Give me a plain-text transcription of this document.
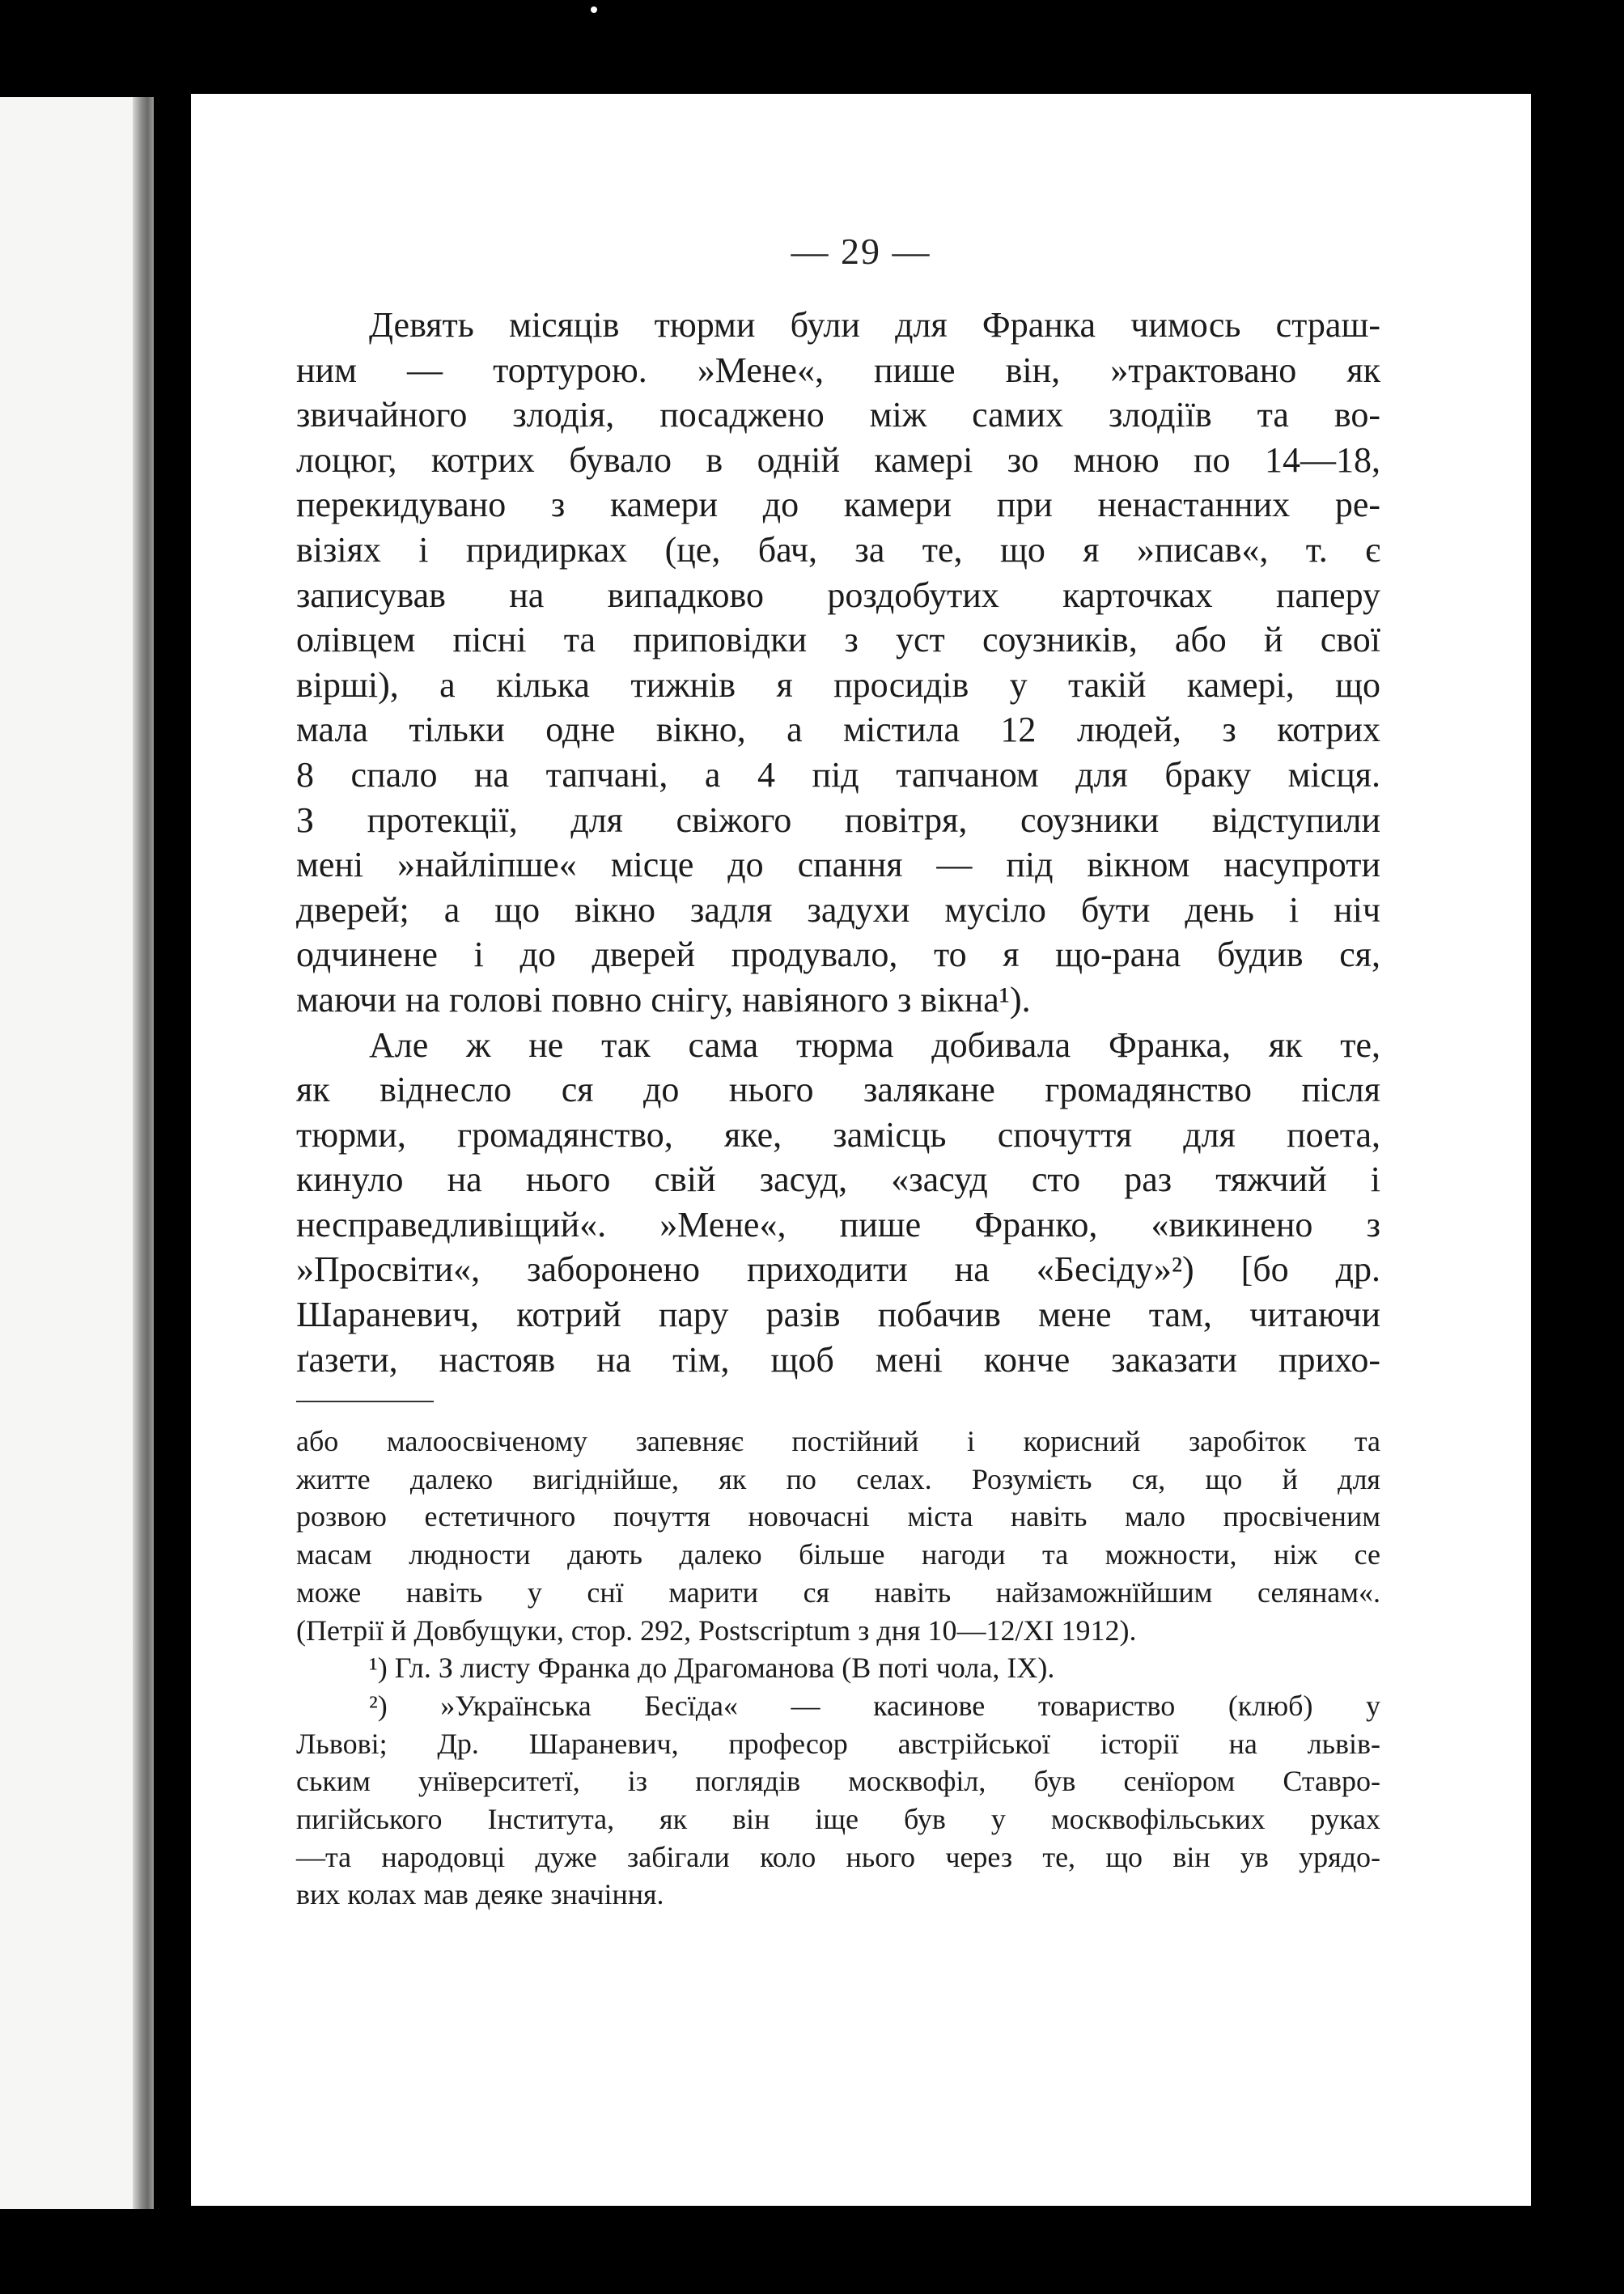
— 29 —
Девять місяців тюрми були для Франка чимось страш-
ним — тортурою. »Мене«, пише він, »трактовано як
звичайного злодія, посаджено між самих злодіїв та во-
лоцюг, котрих бувало в одній камері зо мною по 14—18,
перекидувано з камери до камери при ненастанних ре-
візіях і придирках (це, бач, за те, що я »писав«, т. є
записував на випадково роздобутих карточках паперу
олівцем пісні та приповідки з уст соузників, або й свої
вірші), а кілька тижнів я просидів у такій камері, що
мала тільки одне вікно, а містила 12 людей, з котрих
8 спало на тапчані, а 4 під тапчаном для браку місця.
З протекції, для свіжого повітря, соузники відступили
мені »найліпше« місце до спання — під вікном насупроти
дверей; а що вікно задля задухи мусіло бути день і ніч
одчинене і до дверей продувало, то я що-рана будив ся,
маючи на голові повно снігу, навіяного з вікна¹).
Але ж не так сама тюрма добивала Франка, як те,
як віднесло ся до нього залякане громадянство після
тюрми, громадянство, яке, замісць спочуття для поета,
кинуло на нього свій засуд, «засуд сто раз тяжчий і
несправедливіщий«. »Мене«, пише Франко, «викинено з
»Просвіти«, заборонено приходити на «Бесіду»²) [бо др.
Шараневич, котрий пару разів побачив мене там, читаючи
ґазети, настояв на тім, щоб мені конче заказати прихо-
або малоосвіченому запевняє постійний і корисний заробіток та
житте далеко вигіднійше, як по селах. Розумієть ся, що й для
розвою естетичного почуття новочасні міста навіть мало просвіченим
масам людности дають далеко більше нагоди та можности, ніж се
може навіть у снї марити ся навіть найзаможнїйшим селянам«.
(Петрії й Довбущуки, стор. 292, Postscriptum з дня 10—12/XI 1912).
¹) Гл. З листу Франка до Драгоманова (В поті чола, IX).
²) »Українська Бесїда« — касинове товариство (клюб) у
Львові; Др. Шараневич, професор австрійської історії на львів-
ським унїверситетї, із поглядів москвофіл, був сенїором Ставро-
пигійського Інститута, як він іще був у москвофільських руках
—та народовці дуже забігали коло нього через те, що він ув урядо-
вих колах мав деяке значіння.
